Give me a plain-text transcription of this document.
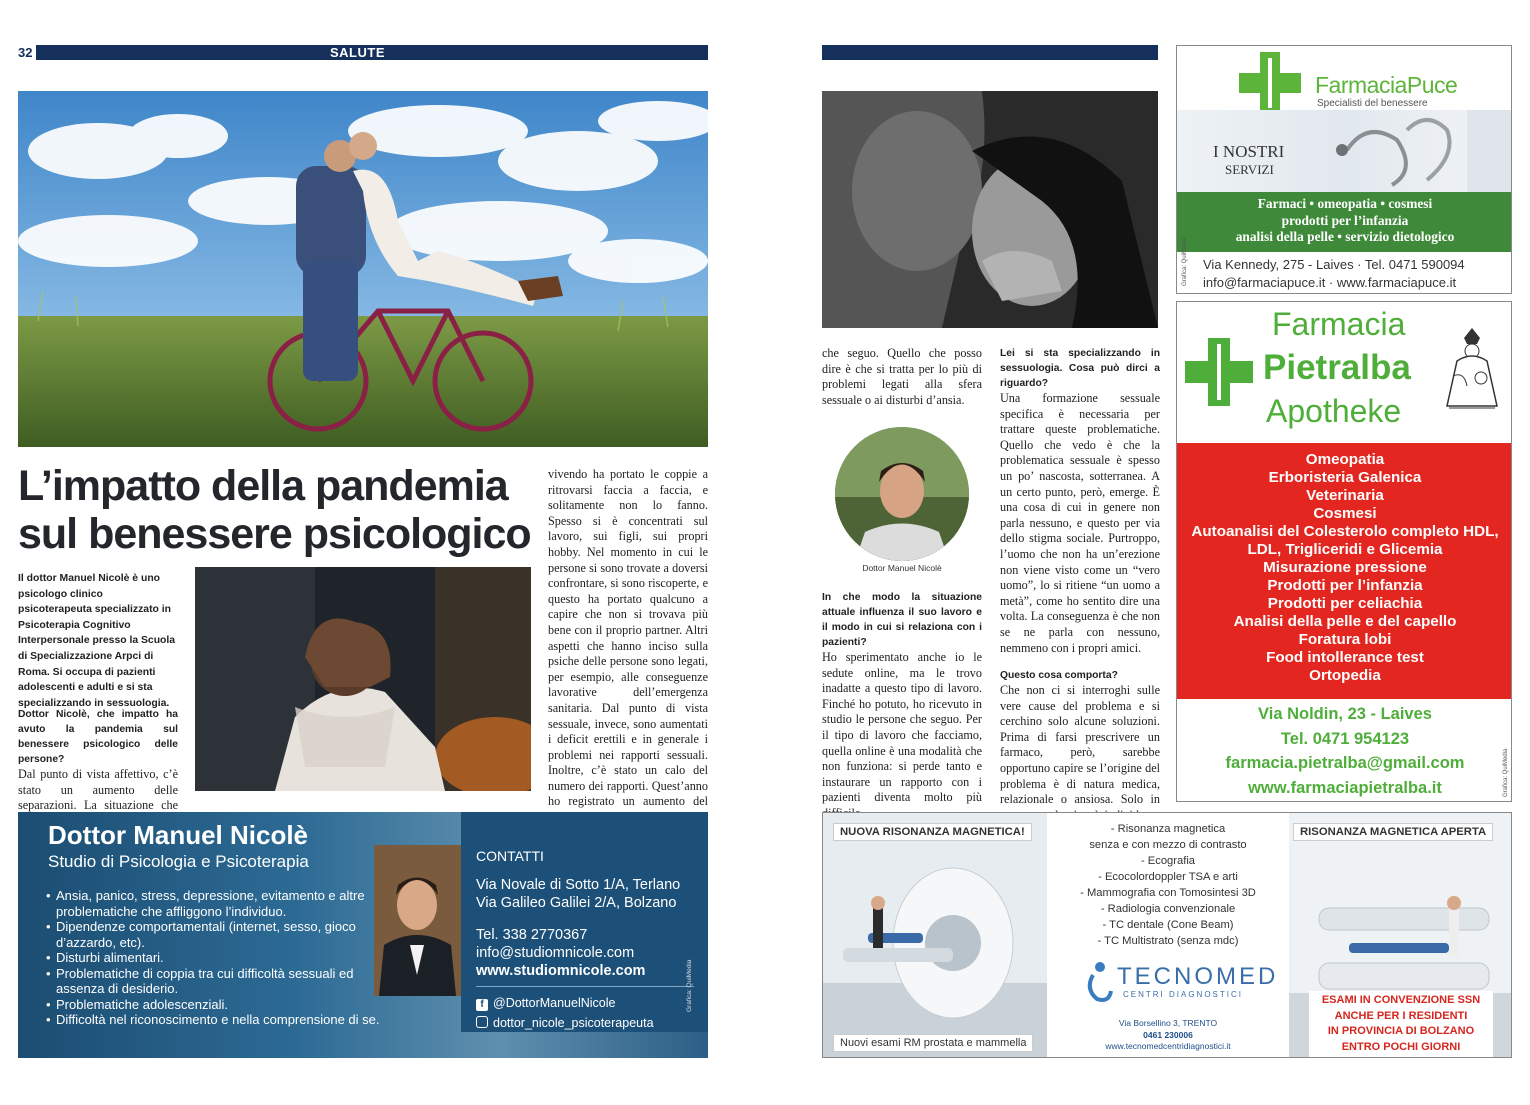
32	SALUTE
L’impatto della pandemia
sul benessere psicologico
Il dottor Manuel Nicolè è uno psicologo clinico psicoterapeuta specializzato in Psicoterapia Cognitivo Interpersonale presso la Scuola di Specializzazione Arpci di Roma. Si occupa di pazienti adolescenti e adulti e si sta specializzando in sessuologia.
Dottor Nicolè, che impatto ha avuto la pandemia sul benessere psicologico delle persone?

Dal punto di vista affettivo, c’è stato un aumento delle separazioni. La situazione che

vivendo ha portato le coppie a ritrovarsi faccia a faccia, e solitamente non lo fanno. Spesso si è concentrati sul lavoro, sui figli, sui propri hobby. Nel momento in cui le persone si sono trovate a doversi confrontare, si sono riscoperte, e questo ha portato qualcuno a capire che non si trovava più bene con il proprio partner. Altri aspetti che hanno inciso sulla psiche delle persone sono legati, per esempio, alle conseguenze lavorative dell’emergenza sanitaria. Dal punto di vista sessuale, invece, sono aumentati i deficit erettili e in generale i problemi nei rapporti sessuali. Inoltre, c’è stato un calo del numero dei rapporti. Quest’anno ho registrato un aumento del
Dottor Manuel Nicolè
Studio di Psicologia e Psicoterapia
• Ansia, panico, stress, depressione, evitamento e altre problematiche che affliggono l’individuo.
• Dipendenze comportamentali (internet, sesso, gioco d’azzardo, etc).
• Disturbi alimentari.
• Problematiche di coppia tra cui difficoltà sessuali ed assenza di desiderio.
• Problematiche adolescenziali.
• Difficoltà nel riconoscimento e nella comprensione di se.
CONTATTI
Via Novale di Sotto 1/A, Terlano
Via Galileo Galilei 2/A, Bolzano
Tel. 338 2770367
info@studiomnicole.com
www.studiomnicole.com
f @DottorManuelNicole
dottor_nicole_psicoterapeuta
Grafica: QuiMedia

che seguo. Quello che posso dire è che si tratta per lo più di problemi legati alla sfera sessuale o ai disturbi d’ansia.

Dottor Manuel Nicolè
In che modo la situazione attuale influenza il suo lavoro e il modo in cui si relaziona con i pazienti?

Ho sperimentato anche io le sedute online, ma le trovo inadatte a questo tipo di lavoro. Finché ho potuto, ho ricevuto in studio le persone che seguo. Per il tipo di lavoro che facciamo, quella online è una modalità che non funziona: si perde tanto e instaurare un rapporto con i pazienti diventa molto più

Lei si sta specializzando in sessuologia. Cosa può dirci a riguardo?

Una formazione sessuale specifica è necessaria per trattare queste problematiche. Quello che vedo è che la problematica sessuale è spesso un po’ nascosta, sotterranea. A un certo punto, però, emerge. È una cosa di cui in genere non parla nessuno, e questo per via dello stigma sociale. Purtroppo, l’uomo che non ha un’erezione non viene visto come un “vero uomo”, lo si ritiene “un uomo a metà”, come ho sentito dire una volta. La conseguenza è che non se ne parla con nessuno, nemmeno con i propri amici.

Questo cosa comporta?

Che non ci si interroghi sulle vere cause del problema e si cerchino solo alcune soluzioni. Prima di farsi prescrivere un farmaco, però, sarebbe opportuno capire se l’origine del problema è di natura medica, relazionale o ansiosa. Solo in

FarmaciaPuce
Specialisti del benessere
I NOSTRI
SERVIZI
Farmaci • omeopatia • cosmesi
prodotti per l’infanzia
analisi della pelle • servizio dietologico
Via Kennedy, 275 - Laives · Tel. 0471 590094
info@farmaciapuce.it · www.farmaciapuce.it
Grafica: QuiMedia
Farmacia
Pietralba
Apotheke
Omeopatia
Erboristeria Galenica
Veterinaria
Cosmesi
Autoanalisi del Colesterolo completo HDL,
LDL, Trigliceridi e Glicemia
Misurazione pressione
Prodotti per l’infanzia
Prodotti per celiachia
Analisi della pelle e del capello
Foratura lobi
Food intollerance test
Ortopedia
Via Noldin, 23 - Laives
Tel. 0471 954123
farmacia.pietralba@gmail.com
www.farmaciapietralba.it	Grafica: QuiMedia
NUOVA RISONANZA MAGNETICA!
Nuovi esami RM prostata e mammella
- Risonanza magnetica
senza e con mezzo di contrasto
- Ecografia
- Ecocolordoppler TSA e arti
- Mammografia con Tomosintesi 3D
- Radiologia convenzionale
- TC dentale (Cone Beam)
- TC Multistrato (senza mdc)
TECNOMED
CENTRI DIAGNOSTICI
Via Borsellino 3, TRENTO
0461 230006
www.tecnomedcentridiagnostici.it
RISONANZA MAGNETICA APERTA
ESAMI IN CONVENZIONE SSN
ANCHE PER I RESIDENTI
IN PROVINCIA DI BOLZANO
ENTRO POCHI GIORNI
